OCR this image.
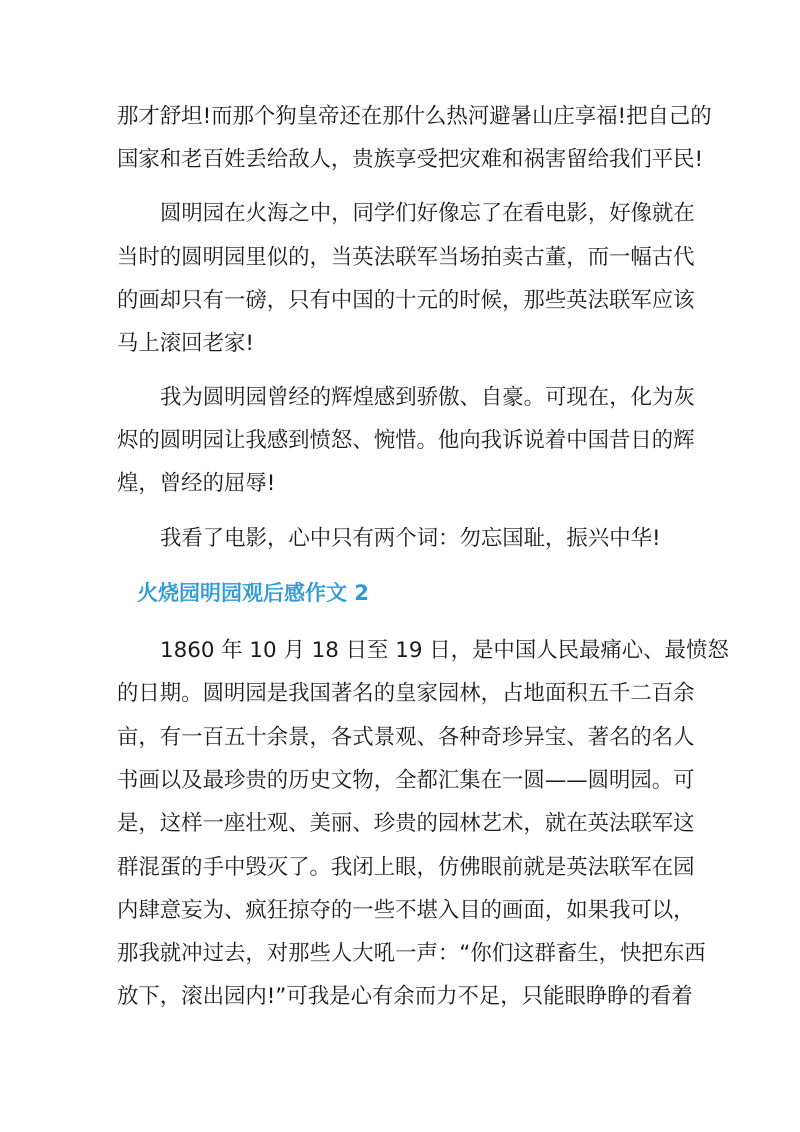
那才舒坦!而那个狗皇帝还在那什么热河避暑山庄享福!把自己的
国家和老百姓丢给敌人，贵族享受把灾难和祸害留给我们平民!
圆明园在火海之中，同学们好像忘了在看电影，好像就在
当时的圆明园里似的，当英法联军当场拍卖古董，而一幅古代
的画却只有一磅，只有中国的十元的时候，那些英法联军应该
马上滚回老家!
我为圆明园曾经的辉煌感到骄傲、自豪。可现在，化为灰
烬的圆明园让我感到愤怒、惋惜。他向我诉说着中国昔日的辉
煌，曾经的屈辱!
我看了电影，心中只有两个词：勿忘国耻，振兴中华!
火烧园明园观后感作文 2
1860 年 10 月 18 日至 19 日，是中国人民最痛心、最愤怒
的日期。圆明园是我国著名的皇家园林，占地面积五千二百余
亩，有一百五十余景，各式景观、各种奇珍异宝、著名的名人
书画以及最珍贵的历史文物，全都汇集在一圆——圆明园。可
是，这样一座壮观、美丽、珍贵的园林艺术，就在英法联军这
群混蛋的手中毁灭了。我闭上眼，仿佛眼前就是英法联军在园
内肆意妄为、疯狂掠夺的一些不堪入目的画面，如果我可以，
那我就冲过去，对那些人大吼一声：“你们这群畜生，快把东西
放下，滚出园内!”可我是心有余而力不足，只能眼睁睁的看着
